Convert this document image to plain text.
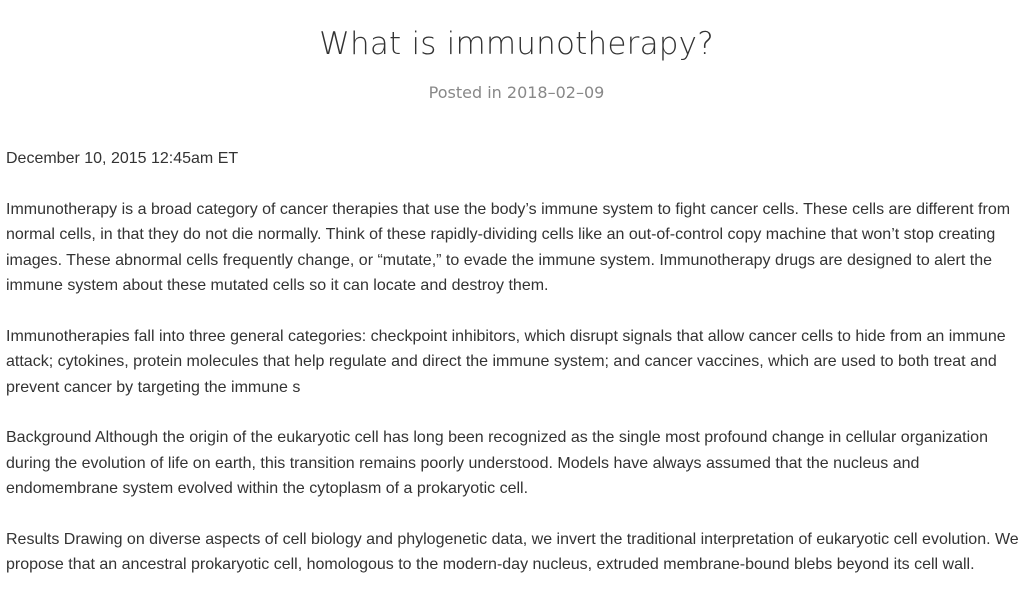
What is immunotherapy?
Posted in 2018–02–09

December 10, 2015 12:45am ET

Immunotherapy is a broad category of cancer therapies that use the body’s immune system to fight cancer cells. These cells are different from normal cells, in that they do not die normally. Think of these rapidly-dividing cells like an out-of-control copy machine that won’t stop creating images. These abnormal cells frequently change, or “mutate,” to evade the immune system. Immunotherapy drugs are designed to alert the immune system about these mutated cells so it can locate and destroy them.

Immunotherapies fall into three general categories: checkpoint inhibitors, which disrupt signals that allow cancer cells to hide from an immune attack; cytokines, protein molecules that help regulate and direct the immune system; and cancer vaccines, which are used to both treat and prevent cancer by targeting the immune s

Background Although the origin of the eukaryotic cell has long been recognized as the single most profound change in cellular organization during the evolution of life on earth, this transition remains poorly understood. Models have always assumed that the nucleus and endomembrane system evolved within the cytoplasm of a prokaryotic cell.

Results Drawing on diverse aspects of cell biology and phylogenetic data, we invert the traditional interpretation of eukaryotic cell evolution. We propose that an ancestral prokaryotic cell, homologous to the modern-day nucleus, extruded membrane-bound blebs beyond its cell wall.
